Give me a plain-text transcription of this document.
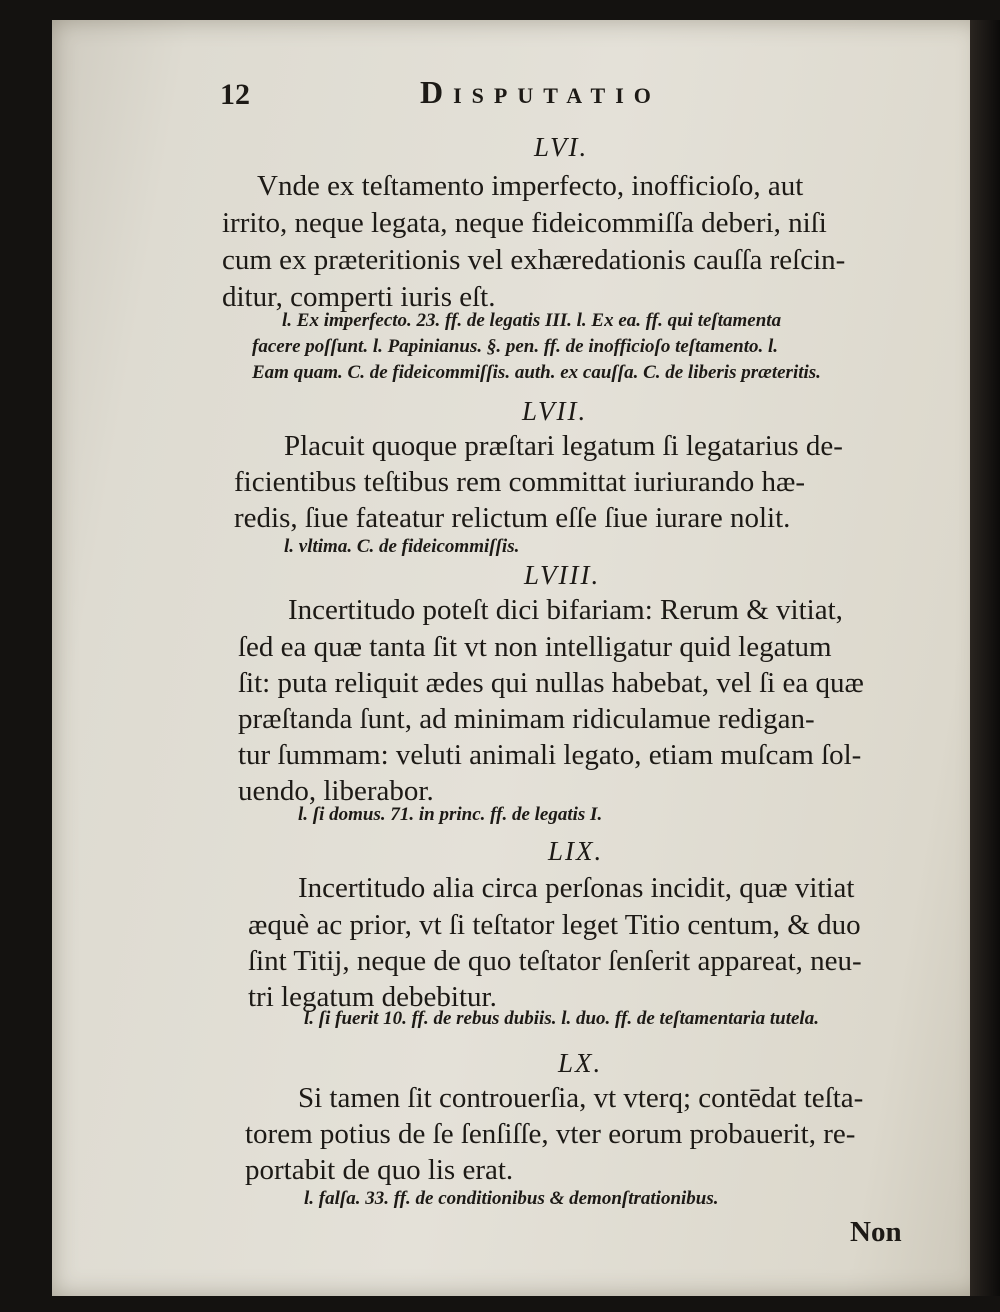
12	Disputatio
LVI.
Vnde ex teſtamento imperfecto, inofficioſo, aut
irrito, neque legata, neque fideicommiſſa deberi, niſi
cum ex præteritionis vel exhæredationis cauſſa reſcin-
ditur, comperti iuris eſt.
l. Ex imperfecto. 23. ff. de legatis III. l. Ex ea. ff. qui teſtamenta
facere poſſunt. l. Papinianus. §. pen. ff. de inofficioſo teſtamento. l.
Eam quam. C. de fideicommiſſis. auth. ex cauſſa. C. de liberis præteritis.
LVII.
Placuit quoque præſtari legatum ſi legatarius de-
ficientibus teſtibus rem committat iuriurando hæ-
redis, ſiue fateatur relictum eſſe ſiue iurare nolit.
l. vltima. C. de fideicommiſſis.
LVIII.
Incertitudo poteſt dici bifariam: Rerum & vitiat,
ſed ea quæ tanta ſit vt non intelligatur quid legatum
ſit: puta reliquit ædes qui nullas habebat, vel ſi ea quæ
præſtanda ſunt, ad minimam ridiculamue redigan-
tur ſummam: veluti animali legato, etiam muſcam ſol-
uendo, liberabor.
l. ſi domus. 71. in princ. ff. de legatis I.
LIX.
Incertitudo alia circa perſonas incidit, quæ vitiat
æquè ac prior, vt ſi teſtator leget Titio centum, & duo
ſint Titij, neque de quo teſtator ſenſerit appareat, neu-
tri legatum debebitur.
l. ſi fuerit 10. ff. de rebus dubiis. l. duo. ff. de teſtamentaria tutela.
LX.
Si tamen ſit controuerſia, vt vterq; contēdat teſta-
torem potius de ſe ſenſiſſe, vter eorum probauerit, re-
portabit de quo lis erat.
l. falſa. 33. ff. de conditionibus & demonſtrationibus.
Non
